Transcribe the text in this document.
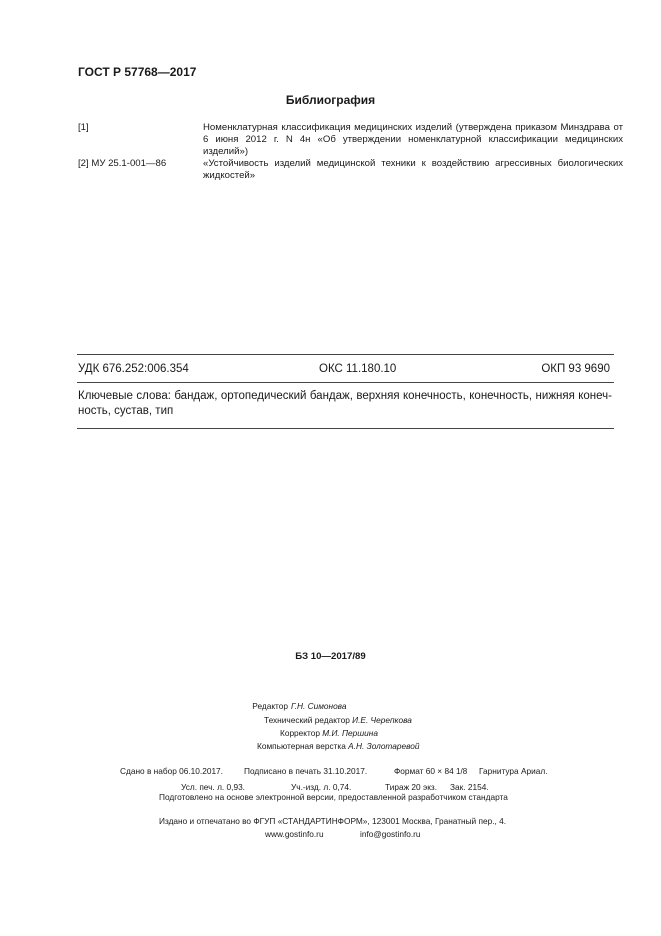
ГОСТ Р 57768—2017
Библиография
[1]	Номенклатурная классификация медицинских изделий (утверждена приказом Минздрава от 6 июня 2012 г. N 4н «Об утверждении номенклатурной классификации медицинских изделий»)
[2] МУ 25.1-001—86	«Устойчивость изделий медицинской техники к воздействию агрессивных биологических жидкостей»
УДК 676.252:006.354	ОКС 11.180.10	ОКП 93 9690
Ключевые слова: бандаж, ортопедический бандаж, верхняя конечность, конечность, нижняя конеч-
ность, сустав, тип
БЗ 10—2017/89
Редактор Г.Н. Симонова
Технический редактор И.Е. Черепкова
Корректор М.И. Першина
Компьютерная верстка А.Н. Золотаревой
Сдано в набор 06.10.2017.	Подписано в печать 31.10.2017.	Формат 60 × 84 1/8 Гарнитура Ариал.
Усл. печ. л. 0,93.	Уч.-изд. л. 0,74.	Тираж 20 экз. Зак. 2154.
Подготовлено на основе электронной версии, предоставленной разработчиком стандарта
Издано и отпечатано во ФГУП «СТАНДАРТИНФОРМ», 123001 Москва, Гранатный пер., 4.
www.gostinfo.ru	info@gostinfo.ru
